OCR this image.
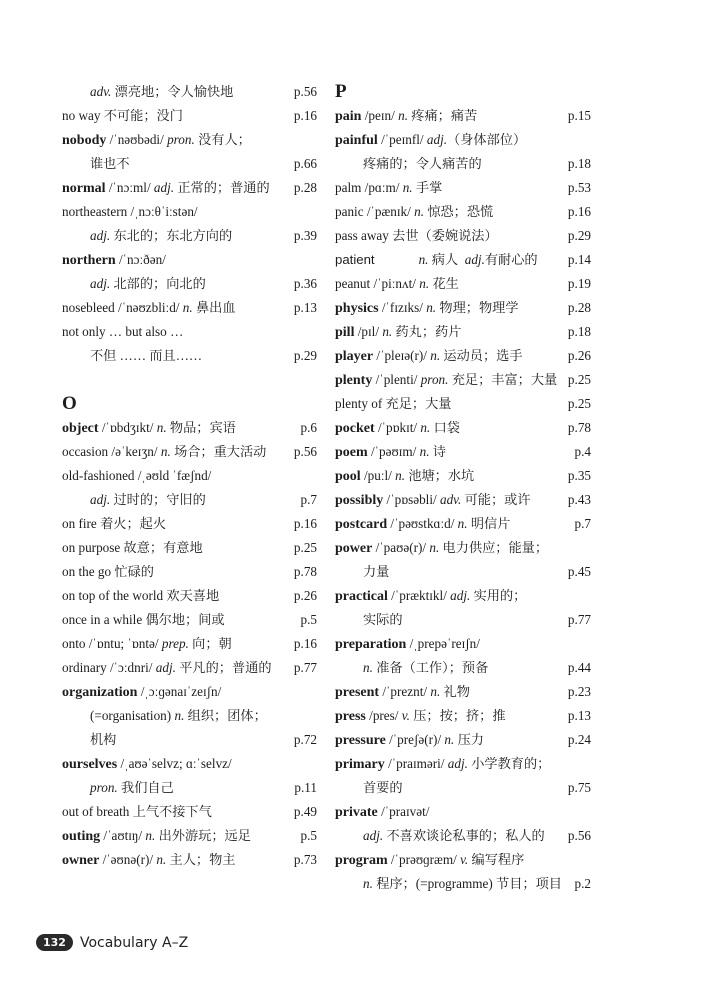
adv. 漂亮地；令人愉快地	p.56
no way 不可能；没门	p.16
nobody /ˈnəʊbədi/ pron. 没有人；
谁也不	p.66
normal /ˈnɔːml/ adj. 正常的；普通的 p.28
northeastern /ˌnɔːθˈiːstən/
adj. 东北的；东北方向的	p.39
northern /ˈnɔːðən/
adj. 北部的；向北的	p.36
nosebleed /ˈnəʊzbliːd/ n. 鼻出血	p.13
not only … but also …
不但 …… 而且……	p.29
O
object /ˈɒbdʒɪkt/ n. 物品；宾语	p.6
occasion /əˈkeɪʒn/ n. 场合；重大活动 p.56
old-fashioned /ˌəʊld ˈfæʃnd/
adj. 过时的；守旧的	p.7
on fire 着火；起火	p.16
on purpose 故意；有意地	p.25
on the go 忙碌的	p.78
on top of the world 欢天喜地	p.26
once in a while 偶尔地；间或	p.5
onto /ˈɒntu; ˈɒntə/ prep. 向；朝	p.16
ordinary /ˈɔːdnri/ adj. 平凡的；普通的 p.77
organization /ˌɔːɡənaɪˈzeɪʃn/
(=organisation) n. 组织；团体；
机构	p.72
ourselves /ˌaʊəˈselvz; ɑːˈselvz/
pron. 我们自己	p.11
out of breath 上气不接下气	p.49
outing /ˈaʊtɪŋ/ n. 出外游玩；远足	p.5
owner /ˈəʊnə(r)/ n. 主人；物主	p.73
P
pain /peɪn/ n. 疼痛；痛苦	p.15
painful /ˈpeɪnfl/ adj.（身体部位）
疼痛的；令人痛苦的	p.18
palm /pɑːm/ n. 手掌	p.53
panic /ˈpænɪk/ n. 惊恐；恐慌	p.16
pass away 去世（委婉说法）	p.29
patient            n. 病人  adj.有耐心的 p.14
peanut /ˈpiːnʌt/ n. 花生	p.19
physics /ˈfɪzɪks/ n. 物理；物理学	p.28
pill /pɪl/ n. 药丸；药片	p.18
player /ˈpleɪə(r)/ n. 运动员；选手	p.26
plenty /ˈplenti/ pron. 充足；丰富；大量 p.25
plenty of 充足；大量	p.25
pocket /ˈpɒkɪt/ n. 口袋	p.78
poem /ˈpəʊɪm/ n. 诗	p.4
pool /puːl/ n. 池塘；水坑	p.35
possibly /ˈpɒsəbli/ adv. 可能；或许	p.43
postcard /ˈpəʊstkɑːd/ n. 明信片	p.7
power /ˈpaʊə(r)/ n. 电力供应；能量；
力量	p.45
practical /ˈpræktɪkl/ adj. 实用的；
实际的	p.77
preparation /ˌprepəˈreɪʃn/
n. 准备（工作）；预备	p.44
present /ˈpreznt/ n. 礼物	p.23
press /pres/ v. 压；按；挤；推	p.13
pressure /ˈpreʃə(r)/ n. 压力	p.24
primary /ˈpraɪməri/ adj. 小学教育的；
首要的	p.75
private /ˈpraɪvət/
adj. 不喜欢谈论私事的；私人的 p.56
program /ˈprəʊɡræm/ v. 编写程序
n. 程序；(=programme) 节目；项目 p.2
132	Vocabulary A–Z
